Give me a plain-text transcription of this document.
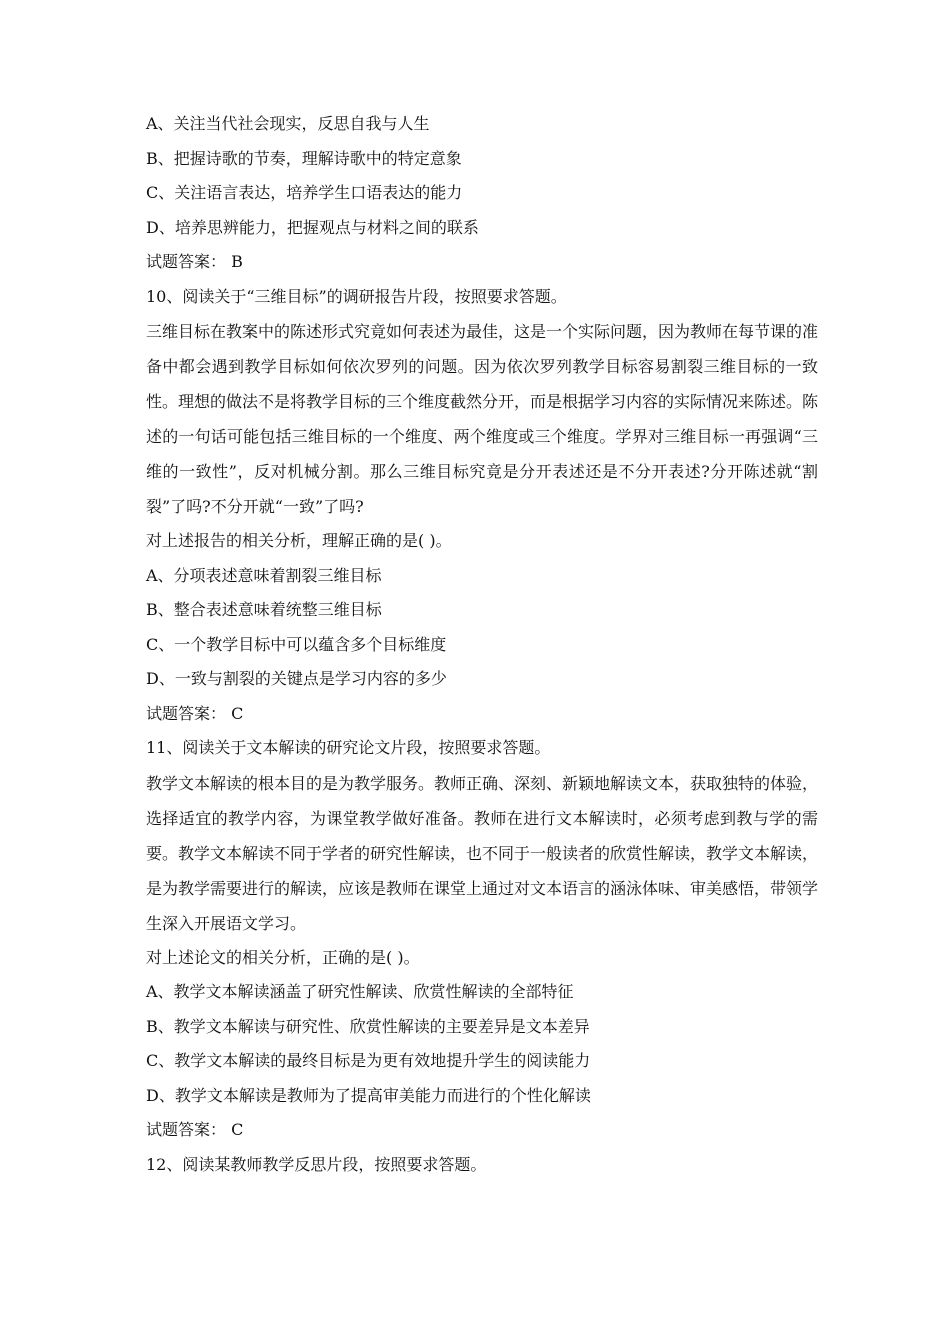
A、关注当代社会现实，反思自我与人生
B、把握诗歌的节奏，理解诗歌中的特定意象
C、关注语言表达，培养学生口语表达的能力
D、培养思辨能力，把握观点与材料之间的联系
试题答案： B
10、阅读关于“三维目标”的调研报告片段，按照要求答题。
三维目标在教案中的陈述形式究竟如何表述为最佳，这是一个实际问题，因为教师在每节课的准备中都会遇到教学目标如何依次罗列的问题。因为依次罗列教学目标容易割裂三维目标的一致性。理想的做法不是将教学目标的三个维度截然分开，而是根据学习内容的实际情况来陈述。陈述的一句话可能包括三维目标的一个维度、两个维度或三个维度。学界对三维目标一再强调“三维的一致性”，反对机械分割。那么三维目标究竟是分开表述还是不分开表述?分开陈述就“割裂”了吗?不分开就“一致”了吗?
对上述报告的相关分析，理解正确的是( )。
A、分项表述意味着割裂三维目标
B、整合表述意味着统整三维目标
C、一个教学目标中可以蕴含多个目标维度
D、一致与割裂的关键点是学习内容的多少
试题答案： C
11、阅读关于文本解读的研究论文片段，按照要求答题。
教学文本解读的根本目的是为教学服务。教师正确、深刻、新颖地解读文本，获取独特的体验，选择适宜的教学内容，为课堂教学做好准备。教师在进行文本解读时，必须考虑到教与学的需要。教学文本解读不同于学者的研究性解读，也不同于一般读者的欣赏性解读，教学文本解读，是为教学需要进行的解读，应该是教师在课堂上通过对文本语言的涵泳体味、审美感悟，带领学生深入开展语文学习。
对上述论文的相关分析，正确的是( )。
A、教学文本解读涵盖了研究性解读、欣赏性解读的全部特征
B、教学文本解读与研究性、欣赏性解读的主要差异是文本差异
C、教学文本解读的最终目标是为更有效地提升学生的阅读能力
D、教学文本解读是教师为了提高审美能力而进行的个性化解读
试题答案： C
12、阅读某教师教学反思片段，按照要求答题。
